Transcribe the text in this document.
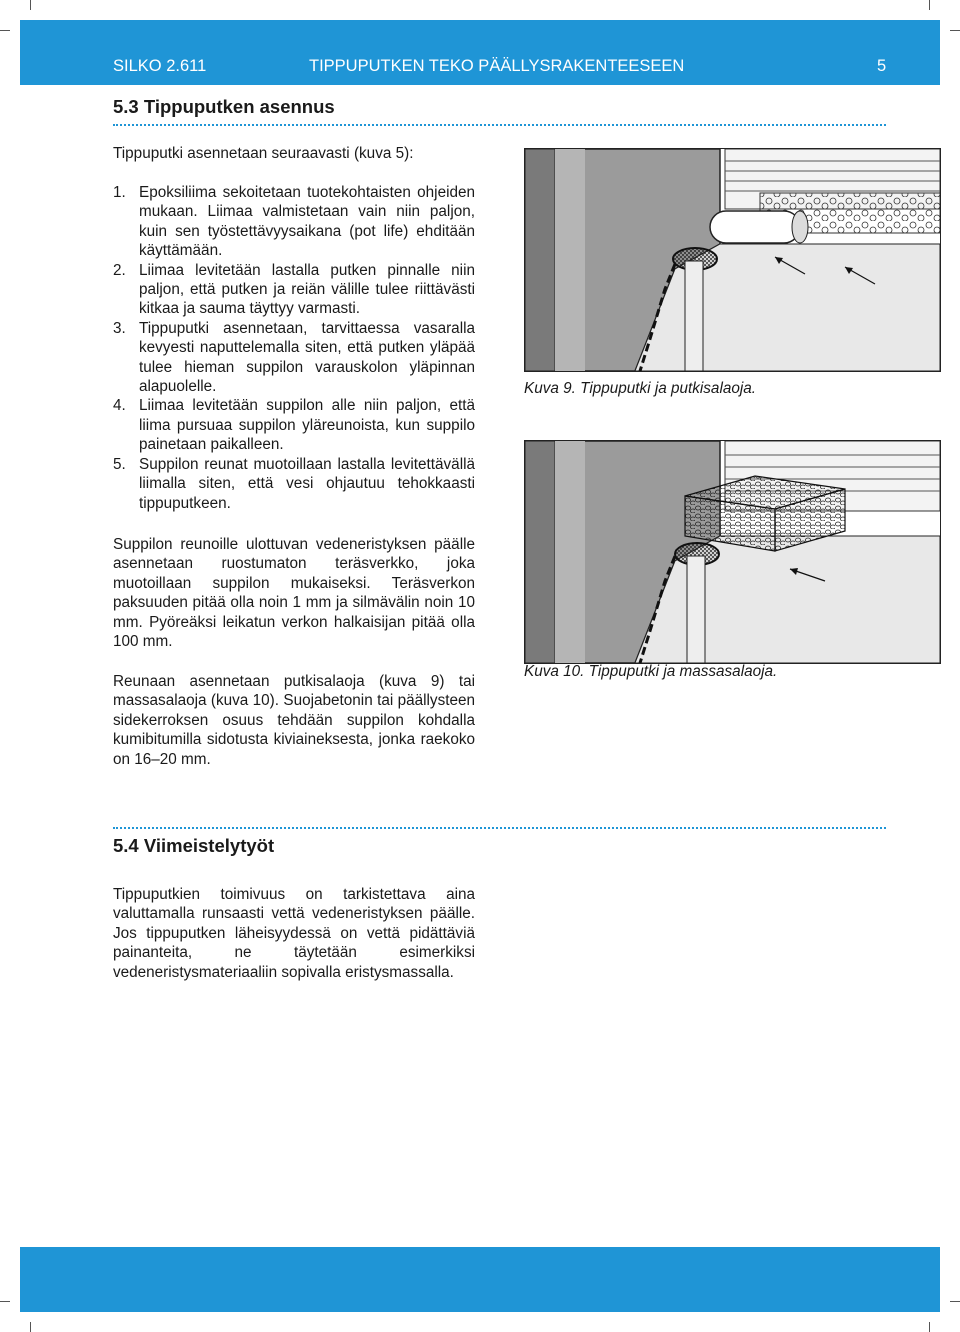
SILKO 2.611	TIPPUPUTKEN TEKO PÄÄLLYSRAKENTEESEEN	5
5.3 Tippuputken asennus
Tippuputki asennetaan seuraavasti (kuva 5):
1. Epoksiliima sekoitetaan tuotekohtaisten ohjeiden mukaan. Liimaa valmistetaan vain niin paljon, kuin sen työstettävyysaikana (pot life) ehditään käyttämään.
2. Liimaa levitetään lastalla putken pinnalle niin paljon, että putken ja reiän välille tulee riittävästi kitkaa ja sauma täyttyy varmasti.
3. Tippuputki asennetaan, tarvittaessa vasaralla kevyesti naputtelemalla siten, että putken yläpää tulee hieman suppilon varauskolon yläpinnan alapuolelle.
4. Liimaa levitetään suppilon alle niin paljon, että liima pursuaa suppilon yläreunoista, kun suppilo painetaan paikalleen.
5. Suppilon reunat muotoillaan lastalla levitettävällä liimalla siten, että vesi ohjautuu tehokkaasti tippuputkeen.
Suppilon reunoille ulottuvan vedeneristyksen päälle asennetaan ruostumaton teräsverkko, joka muotoillaan suppilon mukaiseksi. Teräsverkon paksuuden pitää olla noin 1 mm ja silmävälin noin 10 mm. Pyöreäksi leikatun verkon halkaisijan pitää olla 100 mm.
Reunaan asennetaan putkisalaoja (kuva 9) tai massasalaoja (kuva 10). Suojabetonin tai päällysteen sidekerroksen osuus tehdään suppilon kohdalla kumibitumilla sidotusta kiviaineksesta, jonka raekoko on 16–20 mm.
Kuva 9. Tippuputki ja putkisalaoja.
Kuva 10. Tippuputki ja massasalaoja.
5.4 Viimeistelytyöt
Tippuputkien toimivuus on tarkistettava aina valuttamalla runsaasti vettä vedeneristyksen päälle. Jos tippuputken läheisyydessä on vettä pidättäviä painanteita, ne täytetään esimerkiksi vedeneristysmateriaaliin sopivalla eristysmassalla.
